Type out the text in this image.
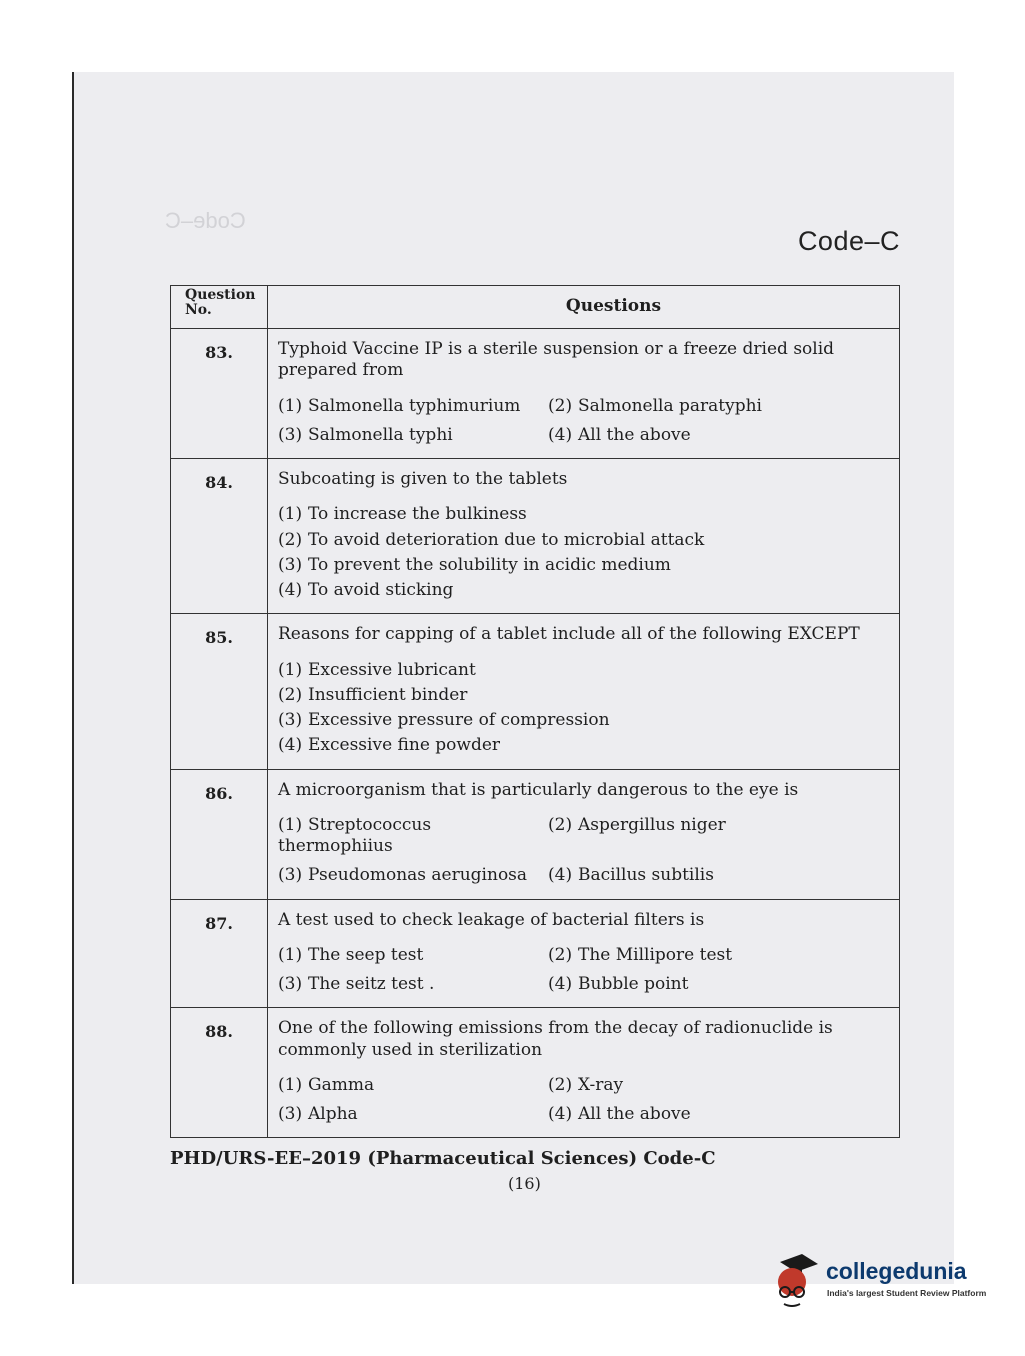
Code–C
Code–C
Question No.	Questions
83.	Typhoid Vaccine IP is a sterile suspension or a freeze dried solid prepared from
(1) Salmonella typhimurium (2) Salmonella paratyphi
(3) Salmonella typhi (4) All the above

84.	Subcoating is given to the tablets
(1) To increase the bulkiness
(2) To avoid deterioration due to microbial attack
(3) To prevent the solubility in acidic medium
(4) To avoid sticking

85.	Reasons for capping of a tablet include all of the following EXCEPT
(1) Excessive lubricant
(2) Insufficient binder
(3) Excessive pressure of compression
(4) Excessive fine powder

86.	A microorganism that is particularly dangerous to the eye is
(1) Streptococcus thermophiius
(2) Aspergillus niger
(3) Pseudomonas aeruginosa (4) Bacillus subtilis

87.	A test used to check leakage of bacterial filters is
(1) The seep test (2) The Millipore test
(3) The seitz test . (4) Bubble point

88.	One of the following emissions from the decay of radionuclide is commonly used in sterilization
(1) Gamma (2) X-ray
(3) Alpha (4) All the above
PHD/URS-EE–2019 (Pharmaceutical Sciences) Code-C
(16)
collegedunia
India's largest Student Review Platform
